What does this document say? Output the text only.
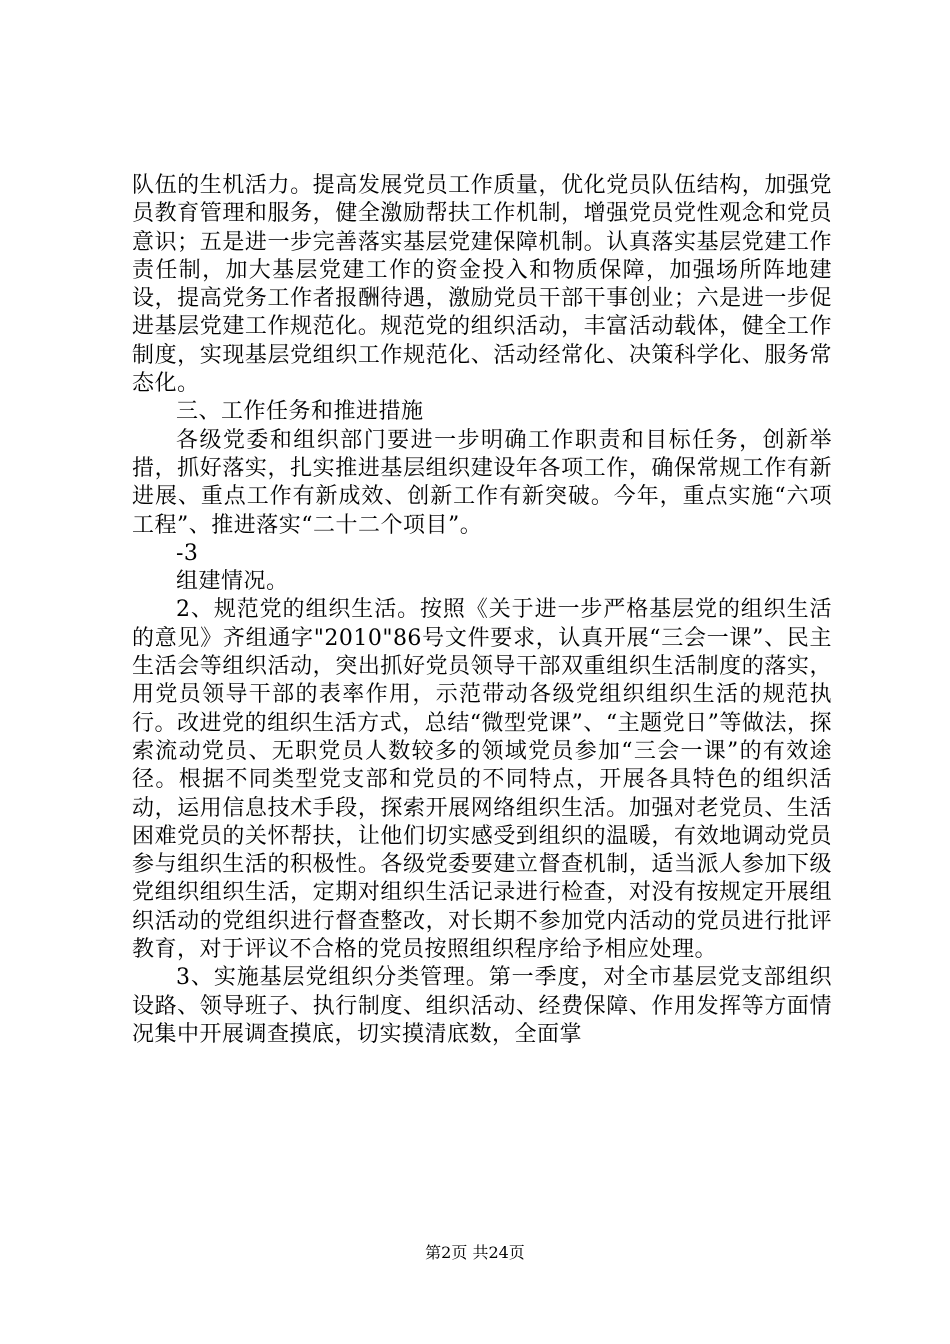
队伍的生机活力。提高发展党员工作质量，优化党员队伍结构，加强党员教育管理和服务，健全激励帮扶工作机制，增强党员党性观念和党员意识；五是进一步完善落实基层党建保障机制。认真落实基层党建工作责任制，加大基层党建工作的资金投入和物质保障，加强场所阵地建设，提高党务工作者报酬待遇，激励党员干部干事创业；六是进一步促进基层党建工作规范化。规范党的组织活动，丰富活动载体，健全工作制度，实现基层党组织工作规范化、活动经常化、决策科学化、服务常态化。

三、工作任务和推进措施

各级党委和组织部门要进一步明确工作职责和目标任务，创新举措，抓好落实，扎实推进基层组织建设年各项工作，确保常规工作有新进展、重点工作有新成效、创新工作有新突破。今年，重点实施“六项工程”、推进落实“二十二个项目”。

-3

组建情况。

2、规范党的组织生活。按照《关于进一步严格基层党的组织生活的意见》齐组通字"2010"86号文件要求，认真开展“三会一课”、民主生活会等组织活动，突出抓好党员领导干部双重组织生活制度的落实，用党员领导干部的表率作用，示范带动各级党组织组织生活的规范执行。改进党的组织生活方式，总结“微型党课”、“主题党日”等做法，探索流动党员、无职党员人数较多的领域党员参加“三会一课”的有效途径。根据不同类型党支部和党员的不同特点，开展各具特色的组织活动，运用信息技术手段，探索开展网络组织生活。加强对老党员、生活困难党员的关怀帮扶，让他们切实感受到组织的温暖，有效地调动党员参与组织生活的积极性。各级党委要建立督查机制，适当派人参加下级党组织组织生活，定期对组织生活记录进行检查，对没有按规定开展组织活动的党组织进行督查整改，对长期不参加党内活动的党员进行批评教育，对于评议不合格的党员按照组织程序给予相应处理。

3、实施基层党组织分类管理。第一季度，对全市基层党支部组织设路、领导班子、执行制度、组织活动、经费保障、作用发挥等方面情况集中开展调查摸底，切实摸清底数，全面掌

第2页 共24页
